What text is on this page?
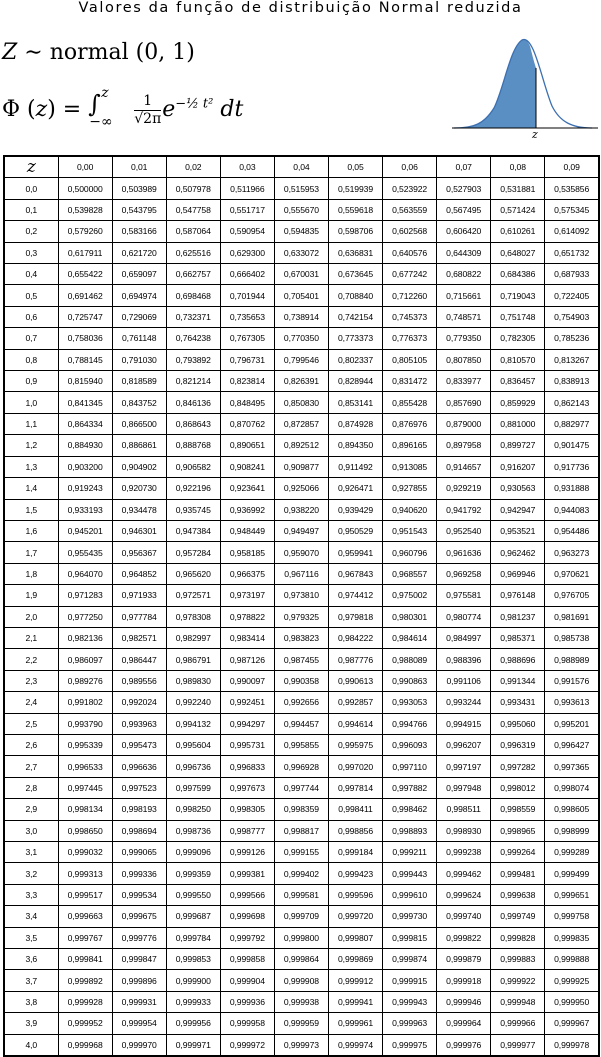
Valores da função de distribuição Normal reduzida
Z ∼ normal (0, 1)
Φ (z) = ∫ z
−∞
$\frac{1}{√2\pi} e^{-\frac{1}{2} t^2}$ dt
z
z	0,00	0,01	0,02	0,03	0,04	0,05	0,06	0,07	0,08	0,09
0,0	0,500000	0,503989	0,507978	0,511966	0,515953	0,519939	0,523922	0,527903	0,531881	0,535856
0,1	0,539828	0,543795	0,547758	0,551717	0,555670	0,559618	0,563559	0,567495	0,571424	0,575345
0,2	0,579260	0,583166	0,587064	0,590954	0,594835	0,598706	0,602568	0,606420	0,610261	0,614092
0,3	0,617911	0,621720	0,625516	0,629300	0,633072	0,636831	0,640576	0,644309	0,648027	0,651732
0,4	0,655422	0,659097	0,662757	0,666402	0,670031	0,673645	0,677242	0,680822	0,684386	0,687933
0,5	0,691462	0,694974	0,698468	0,701944	0,705401	0,708840	0,712260	0,715661	0,719043	0,722405
0,6	0,725747	0,729069	0,732371	0,735653	0,738914	0,742154	0,745373	0,748571	0,751748	0,754903
0,7	0,758036	0,761148	0,764238	0,767305	0,770350	0,773373	0,776373	0,779350	0,782305	0,785236
0,8	0,788145	0,791030	0,793892	0,796731	0,799546	0,802337	0,805105	0,807850	0,810570	0,813267
0,9	0,815940	0,818589	0,821214	0,823814	0,826391	0,828944	0,831472	0,833977	0,836457	0,838913
1,0	0,841345	0,843752	0,846136	0,848495	0,850830	0,853141	0,855428	0,857690	0,859929	0,862143
1,1	0,864334	0,866500	0,868643	0,870762	0,872857	0,874928	0,876976	0,879000	0,881000	0,882977
1,2	0,884930	0,886861	0,888768	0,890651	0,892512	0,894350	0,896165	0,897958	0,899727	0,901475
1,3	0,903200	0,904902	0,906582	0,908241	0,909877	0,911492	0,913085	0,914657	0,916207	0,917736
1,4	0,919243	0,920730	0,922196	0,923641	0,925066	0,926471	0,927855	0,929219	0,930563	0,931888
1,5	0,933193	0,934478	0,935745	0,936992	0,938220	0,939429	0,940620	0,941792	0,942947	0,944083
1,6	0,945201	0,946301	0,947384	0,948449	0,949497	0,950529	0,951543	0,952540	0,953521	0,954486
1,7	0,955435	0,956367	0,957284	0,958185	0,959070	0,959941	0,960796	0,961636	0,962462	0,963273
1,8	0,964070	0,964852	0,965620	0,966375	0,967116	0,967843	0,968557	0,969258	0,969946	0,970621
1,9	0,971283	0,971933	0,972571	0,973197	0,973810	0,974412	0,975002	0,975581	0,976148	0,976705
2,0	0,977250	0,977784	0,978308	0,978822	0,979325	0,979818	0,980301	0,980774	0,981237	0,981691
2,1	0,982136	0,982571	0,982997	0,983414	0,983823	0,984222	0,984614	0,984997	0,985371	0,985738
2,2	0,986097	0,986447	0,986791	0,987126	0,987455	0,987776	0,988089	0,988396	0,988696	0,988989
2,3	0,989276	0,989556	0,989830	0,990097	0,990358	0,990613	0,990863	0,991106	0,991344	0,991576
2,4	0,991802	0,992024	0,992240	0,992451	0,992656	0,992857	0,993053	0,993244	0,993431	0,993613
2,5	0,993790	0,993963	0,994132	0,994297	0,994457	0,994614	0,994766	0,994915	0,995060	0,995201
2,6	0,995339	0,995473	0,995604	0,995731	0,995855	0,995975	0,996093	0,996207	0,996319	0,996427
2,7	0,996533	0,996636	0,996736	0,996833	0,996928	0,997020	0,997110	0,997197	0,997282	0,997365
2,8	0,997445	0,997523	0,997599	0,997673	0,997744	0,997814	0,997882	0,997948	0,998012	0,998074
2,9	0,998134	0,998193	0,998250	0,998305	0,998359	0,998411	0,998462	0,998511	0,998559	0,998605
3,0	0,998650	0,998694	0,998736	0,998777	0,998817	0,998856	0,998893	0,998930	0,998965	0,998999
3,1	0,999032	0,999065	0,999096	0,999126	0,999155	0,999184	0,999211	0,999238	0,999264	0,999289
3,2	0,999313	0,999336	0,999359	0,999381	0,999402	0,999423	0,999443	0,999462	0,999481	0,999499
3,3	0,999517	0,999534	0,999550	0,999566	0,999581	0,999596	0,999610	0,999624	0,999638	0,999651
3,4	0,999663	0,999675	0,999687	0,999698	0,999709	0,999720	0,999730	0,999740	0,999749	0,999758
3,5	0,999767	0,999776	0,999784	0,999792	0,999800	0,999807	0,999815	0,999822	0,999828	0,999835
3,6	0,999841	0,999847	0,999853	0,999858	0,999864	0,999869	0,999874	0,999879	0,999883	0,999888
3,7	0,999892	0,999896	0,999900	0,999904	0,999908	0,999912	0,999915	0,999918	0,999922	0,999925
3,8	0,999928	0,999931	0,999933	0,999936	0,999938	0,999941	0,999943	0,999946	0,999948	0,999950
3,9	0,999952	0,999954	0,999956	0,999958	0,999959	0,999961	0,999963	0,999964	0,999966	0,999967
4,0	0,999968	0,999970	0,999971	0,999972	0,999973	0,999974	0,999975	0,999976	0,999977	0,999978
